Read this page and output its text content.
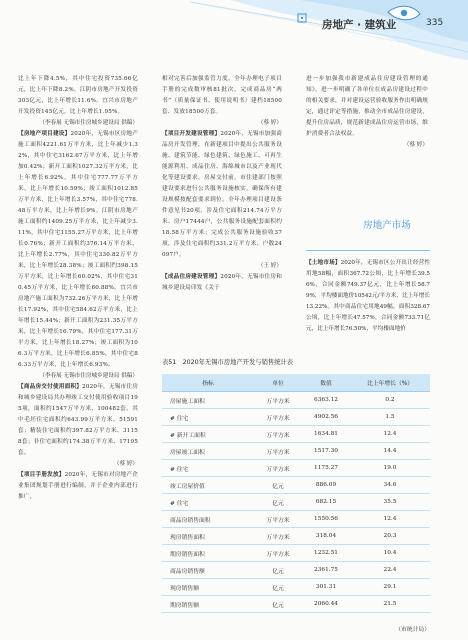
房地产 · 建筑业	335

比上年下降4.5%，其中住宅投资735.66亿元，比上年下降8.2%。江阴市房地产开发投资303亿元，比上年增长11.6%。宜兴市房地产开发投资145亿元，比上年增长1.95%。

（李春展 无锡市住房城乡建设局 供稿）

【房地产项目建设】2020年，无锡市区房地产施工面积4221.61万平方米，比上年减少1.32%，其中住宅3162.67万平方米，比上年增加0.42%；新开工面积1027.32万平方米，比上年增长6.92%，其中住宅777.77万平方米，比上年增长10.59%；竣工面积1012.85万平方米，比上年增长3.57%，其中住宅778.48万平方米，比上年增长9%。江阴市房地产施工面积约1409.25万平方米，比上年减少3.11%，其中住宅1155.27万平方米，比上年增长0.76%；新开工面积约376.14万平方米，比上年增长2.77%，其中住宅330.82万平方米，比上年增长28.38%；竣工面积约398.15万平方米，比上年增长60.02%，其中住宅310.45万平方米，比上年增长60.88%。宜兴市房地产施工面积为732.26万平方米，比上年增长17.92%，其中住宅584.62万平方米，比上年增长15.44%；新开工面积为231.35万平方米，比上年增长16.79%，其中住宅177.31万平方米，比上年增长18.27%；竣工面积为106.3万平方米，比上年增长6.85%，其中住宅86.33万平方米，比上年增长6.93%。

（李春展 无锡市住房城乡建设局 供稿）

【商品房交付使用面积】2020年，无锡市住房和城乡建设局共办理竣工交付使用验收项目195项，面积约1547万平方米、100482套，其中毛坯住宅面积约643.99万平方米、51591套；精装住宅面积约397.82万平方米、31158套；非住宅面积约174.38万平方米、17195套。

（蔡 婷）

【项目手册发放】2020年，无锡市对房地产企业集团规划手册进行编制，并于企业内部进行推广，

相对完善后加强监管力度，全年办理电子项目手册的完成数审核81批次，完成商品房“两书”（质量保证书、使用说明书）建档18500套、发放18500万套。

（蔡 婷）

【项目开发建设管理】2020年，无锡市加强商品房开发管理，在新建项目中提出公共服务设施、建筑节能、绿色建筑、绿色施工、可再生能源利用、成品住房、海绵城市以及产业现代化等建设要求。房屋交付前，市住建部门按照建设要求进行公共服务设施核实，确保所有建设规模按配套要求到位，全年办理项目建设条件意见书20项，涉及住宅面积214.74万平方米、房户17444户，公共服务设施配套面积约18.58万平方米；完成公共服务设施验收37项，涉及住宅面积约331.2万平方米、户数24097户。

（王 婷）

【成品住房建设管理】2020年，无锡市住房和城乡建设局印发《关于

进一步加强我市新建成品住房建设管理的通知》，进一步明确了各单位在成品房建设过程中的相关要求，并对建设运营验收服务作出明确规定，通过评定等措施，推动全市成品住房建设，提升住房品质，规范新建成品住房运营市场，维护消费者合法权益。

（蔡 婷）

房地产市场

【土地市场】2020年，无锡市区公开出让经营性用地58幅，面积367.72公顷，比上年增长39.56%，合同金额749.37亿元，比上年增长58.79%，平均楼面地价10542元/平方米，比上年增长13.22%。其中商品住宅用地49幅，面积328.67公顷，比上年增长47.57%，合同金额733.71亿元，比上年增长76.50%，平均楼面地价

表51　2020年无锡市房地产开发与销售统计表
指标	单位	数值	比上年增长（%）
房屋施工面积	万平方米	6363.12	0.2
# 住宅	万平方米	4902.56	1.5
# 新开工面积	万平方米	1634.81	12.4
房屋竣工面积	万平方米	1517.30	14.4
# 住宅	万平方米	1175.27	19.0
竣工房屋价值	亿元	886.09	34.6
# 住宅	亿元	682.15	35.5
商品房销售面积	万平方米	1550.56	12.4
现房销售面积	万平方米	318.04	20.3
期房销售面积	万平方米	1232.51	10.4
商品房销售额	亿元	2361.75	22.4
现房销售额	亿元	301.31	29.1
期房销售额	亿元	2060.44	21.5
（市统计局）
